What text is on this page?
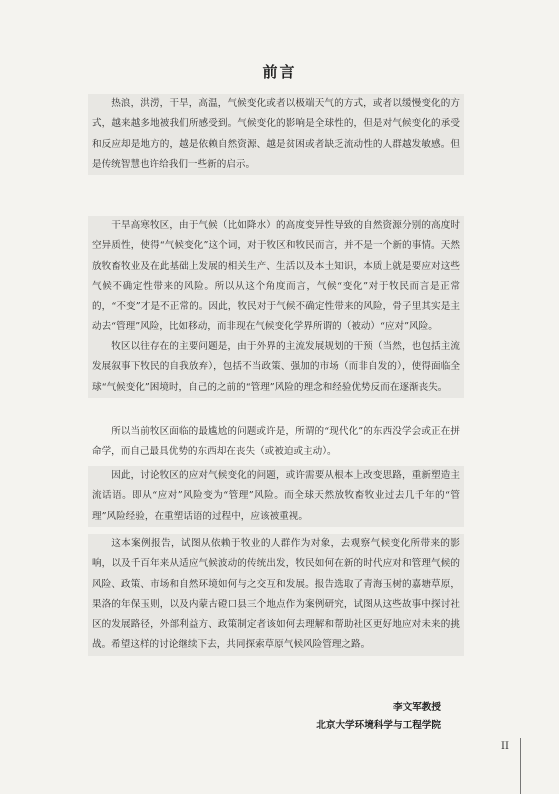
前言

热浪，洪涝，干旱，高温，气候变化或者以极端天气的方式，或者以缓慢变化的方式，越来越多地被我们所感受到。气候变化的影响是全球性的，但是对气候变化的承受和反应却是地方的，越是依赖自然资源、越是贫困或者缺乏流动性的人群越发敏感。但是传统智慧也许给我们一些新的启示。

干旱高寒牧区，由于气候（比如降水）的高度变异性导致的自然资源分别的高度时空异质性，使得“气候变化”这个词，对于牧区和牧民而言，并不是一个新的事情。天然放牧畜牧业及在此基础上发展的相关生产、生活以及本土知识，本质上就是要应对这些气候不确定性带来的风险。所以从这个角度而言，气候“变化”对于牧民而言是正常的，“不变”才是不正常的。因此，牧民对于气候不确定性带来的风险，骨子里其实是主动去“管理”风险，比如移动，而非现在气候变化学界所谓的（被动）“应对”风险。

牧区以往存在的主要问题是，由于外界的主流发展规划的干预（当然，也包括主流发展叙事下牧民的自我放弃），包括不当政策、强加的市场（而非自发的），使得面临全球“气候变化”困境时，自己的之前的“管理”风险的理念和经验优势反而在逐渐丧失。

所以当前牧区面临的最尴尬的问题或许是，所谓的“现代化”的东西没学会或正在拼命学，而自己最具优势的东西却在丧失（或被迫或主动）。

因此，讨论牧区的应对气候变化的问题，或许需要从根本上改变思路，重新塑造主流话语。即从“应对”风险变为“管理”风险。而全球天然放牧畜牧业过去几千年的“管理”风险经验，在重塑话语的过程中，应该被重视。

这本案例报告，试图从依赖于牧业的人群作为对象，去观察气候变化所带来的影响，以及千百年来从适应气候波动的传统出发，牧民如何在新的时代应对和管理气候的风险、政策、市场和自然环境如何与之交互和发展。报告选取了青海玉树的嘉塘草原，果洛的年保玉则，以及内蒙古磴口县三个地点作为案例研究，试图从这些故事中探讨社区的发展路径，外部利益方、政策制定者该如何去理解和帮助社区更好地应对未来的挑战。希望这样的讨论继续下去，共同探索草原气候风险管理之路。

李文军教授
北京大学环境科学与工程学院
II
